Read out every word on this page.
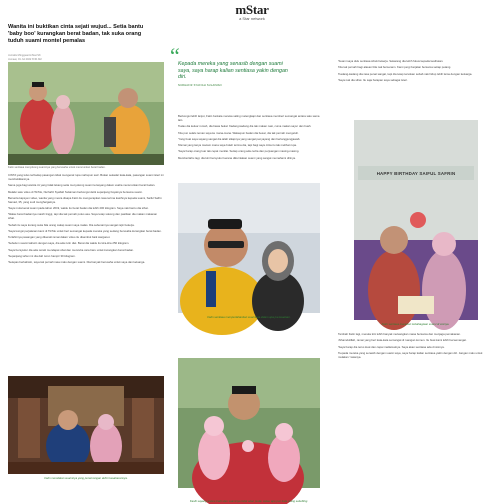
mStar
a Star network
Wanita ini buktikan cinta sejati wujud... Setia bantu 'baby boo' kurangkan berat badan, tak suka orang tuduh suami montel pemalas
Jurnalis Mingguan/mStar.SK
Jumaat, 01 Jul 2022 8:30 AM
Fatin sentiasa menyokong suaminya yang berusaha untuk menurunkan berat badan.

CINTA yang tulus terhadap pasangan tidak mengenal rupa mahupun saiz. Bukan sekadar kata-kata, pasangan suami isteri ini membuktikannya.

Sama juga bagi wanita ini yang tidak lekang setia menyokong suami tersayang dalam usaha menurunkan berat badan.

Melalui satu video di TikTok, Nurhafiz Syafiah Sulaiman berkongsi detik sepanjang hayatnya bersama suami.

Berserta kapsyen video, wanita yang mesra disapa Fatin itu mengucapkan rasa terima kasihnya kepada suami, Saiful Safrin Samad, 35, yang sudi menghargainya.

'Saya mula kenal suami pada tahun 2019, waktu itu berat badan dia lebih 200 kilogram. Saya nak bantu dia sihat.

'Walau berat badannya masih tinggi, tapi dia tak pernah putus asa. Saya tetap sokong dan pastikan dia makan makanan sihat.

'Sebab itu saya kurang suka bila orang cakap suami saya malas. Dia sebenarnya sangat rajin bekerja.

'Saya kongsi perjalanan kami di TikTok untuk beri semangat kepada mereka yang sedang berusaha kurangkan berat badan.

Terlahirnya pasangan yang dikenali ramai dalam video itu disambut baik warganet.

'Sebelum suami kahwin dengan saya, dia ada rutin diet. Berat dia waktu itu kira-kira 250 kilogram.

'Saya bersyukur dia ada rezeki mendapat ubat dan mencuba cara baru untuk kurangkan berat badan.

'Sepanjang tahun ini dia dah turun hampir 30 kilogram.

'Selepas berkahwin, saya tak pernah rasa malu dengan suami. Dia banyak berusaha untuk saya dan keluarga.

Fatin mendakan suaminya yang penat tangan akhiri kesabarannya.
“
Kepada mereka yang senasib dengan suami saya, saya harap kalian sentiasa yakin dengan diri.
NURHAFIZ SYAFIAH SULAIMAN

Berkongsi lebih lanjut, Fatin berkata mereka saling melengkapi dan sentiasa memberi semangat antara satu sama lain.

'Kalau dia keluar rumah, dia bawa bekal. Kadang-kadang dia tak makan nasi, cuma makan sayur dan buah.

'Dia pun selalu teman saya ke mana-mana. Walaupun badan dia besar, dia tak pernah mengeluh.

'Yang buat saya sayang sangat dia ialah sikapnya yang sangat penyayang dan bertanggungjawab.

'Ramai yang tanya macam mana saya boleh terima dia, tapi bagi saya cinta itu tak melihat rupa.

'Saya harap orang luar tak cepat menilai. Setiap orang ada cerita dan perjuangan masing-masing.

Memberitahu lagi, dia kini bersyukur kerana dikurniakan suami yang sangat memahami dirinya.

Fatin sentiasa mempertahankan suaminya dalam apa jua keadaan.
Kasih sayang antara Fatin dan suaminya tidak akan pudar walau apa pun kata orang sekeliling.

'Suami saya dulu sentiasa sibuk bekerja. Sekarang dia lebih fokus kepada kesihatan.

'Dia tak pernah bagi alasan bila nak bersenam. Kami pergi berjalan bersama setiap petang.

'Kadang-kadang dia rasa penat sangat, tapi dia tetap teruskan sebab nak hidup lebih lama dengan keluarga.

'Saya nak dia sihat. Itu saja harapan saya sebagai isteri.

HAPPY BIRTHDAY SAIFUL SAFRIN
Fatin sentiasa meraikan kebahagiaan suami di sisinya.

Tambah Fatin lagi, mereka kini lebih banyak meluangkan masa bersama dan menjaga pemakanan.

'Alhamdulillah, ramai yang beri kata-kata semangat di ruangan komen. Itu buat kami lebih bersemangat.

'Saya harap dia terus kuat dan capai matlamatnya. Saya akan sentiasa ada di sisinya.

'Kepada mereka yang senasib dengan suami saya, saya harap kalian sentiasa yakin dengan diri. Jangan malu untuk mulakan.' katanya.
